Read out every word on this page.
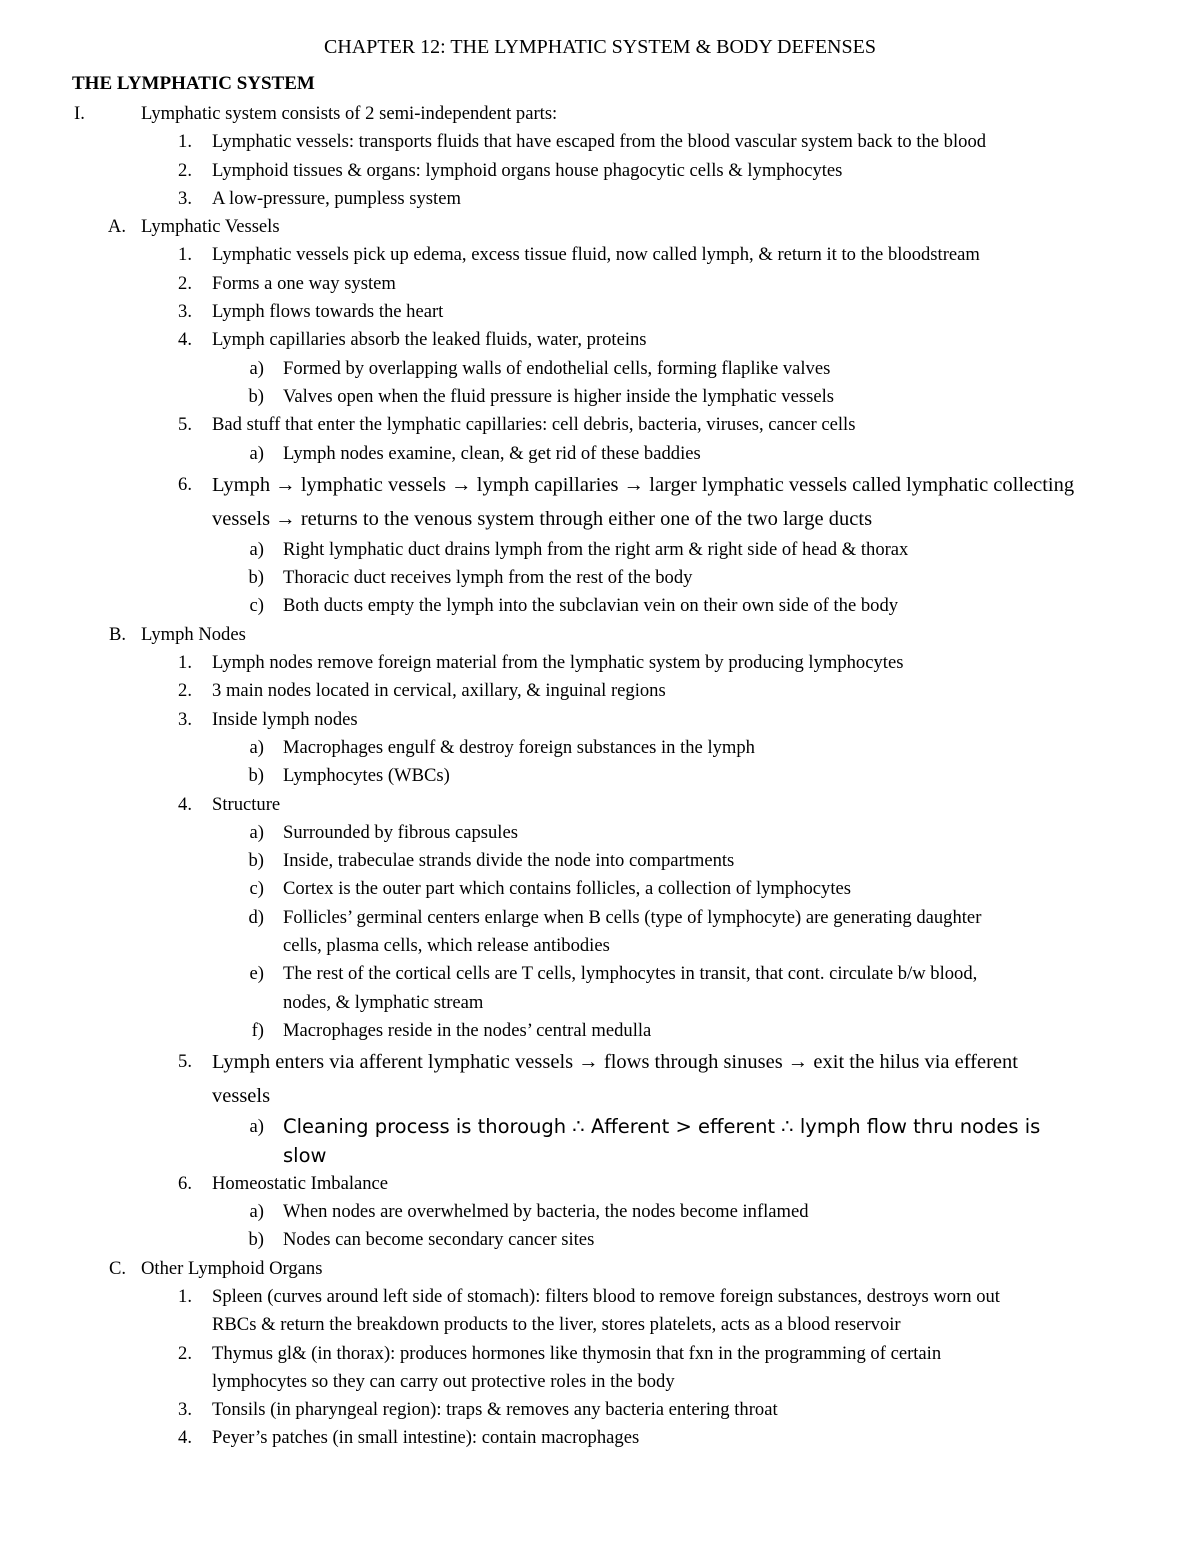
CHAPTER 12: THE LYMPHATIC SYSTEM & BODY DEFENSES
THE LYMPHATIC SYSTEM
I.	Lymphatic system consists of 2 semi-independent parts:
1. Lymphatic vessels: transports fluids that have escaped from the blood vascular system back to the blood
2. Lymphoid tissues & organs: lymphoid organs house phagocytic cells & lymphocytes
3. A low-pressure, pumpless system
A. Lymphatic Vessels
1. Lymphatic vessels pick up edema, excess tissue fluid, now called lymph, & return it to the bloodstream
2. Forms a one way system
3. Lymph flows towards the heart
4. Lymph capillaries absorb the leaked fluids, water, proteins
a) Formed by overlapping walls of endothelial cells, forming flaplike valves
b) Valves open when the fluid pressure is higher inside the lymphatic vessels
5. Bad stuff that enter the lymphatic capillaries: cell debris, bacteria, viruses, cancer cells
a) Lymph nodes examine, clean, & get rid of these baddies
6. Lymph → lymphatic vessels → lymph capillaries → larger lymphatic vessels called lymphatic collecting
vessels → returns to the venous system through either one of the two large ducts
a) Right lymphatic duct drains lymph from the right arm & right side of head & thorax
b) Thoracic duct receives lymph from the rest of the body
c) Both ducts empty the lymph into the subclavian vein on their own side of the body
B. Lymph Nodes
1. Lymph nodes remove foreign material from the lymphatic system by producing lymphocytes
2. 3 main nodes located in cervical, axillary, & inguinal regions
3. Inside lymph nodes
a) Macrophages engulf & destroy foreign substances in the lymph
b) Lymphocytes (WBCs)
4. Structure
a) Surrounded by fibrous capsules
b) Inside, trabeculae strands divide the node into compartments
c) Cortex is the outer part which contains follicles, a collection of lymphocytes
d) Follicles’ germinal centers enlarge when B cells (type of lymphocyte) are generating daughter
cells, plasma cells, which release antibodies
e) The rest of the cortical cells are T cells, lymphocytes in transit, that cont. circulate b/w blood,
nodes, & lymphatic stream
f) Macrophages reside in the nodes’ central medulla
5. Lymph enters via afferent lymphatic vessels → flows through sinuses → exit the hilus via efferent
vessels
a) Cleaning process is thorough ∴ Afferent > efferent ∴ lymph flow thru nodes is
slow
6. Homeostatic Imbalance
a) When nodes are overwhelmed by bacteria, the nodes become inflamed
b) Nodes can become secondary cancer sites
C. Other Lymphoid Organs
1. Spleen (curves around left side of stomach): filters blood to remove foreign substances, destroys worn out
RBCs & return the breakdown products to the liver, stores platelets, acts as a blood reservoir
2. Thymus gl& (in thorax): produces hormones like thymosin that fxn in the programming of certain
lymphocytes so they can carry out protective roles in the body
3. Tonsils (in pharyngeal region): traps & removes any bacteria entering throat
4. Peyer’s patches (in small intestine): contain macrophages
